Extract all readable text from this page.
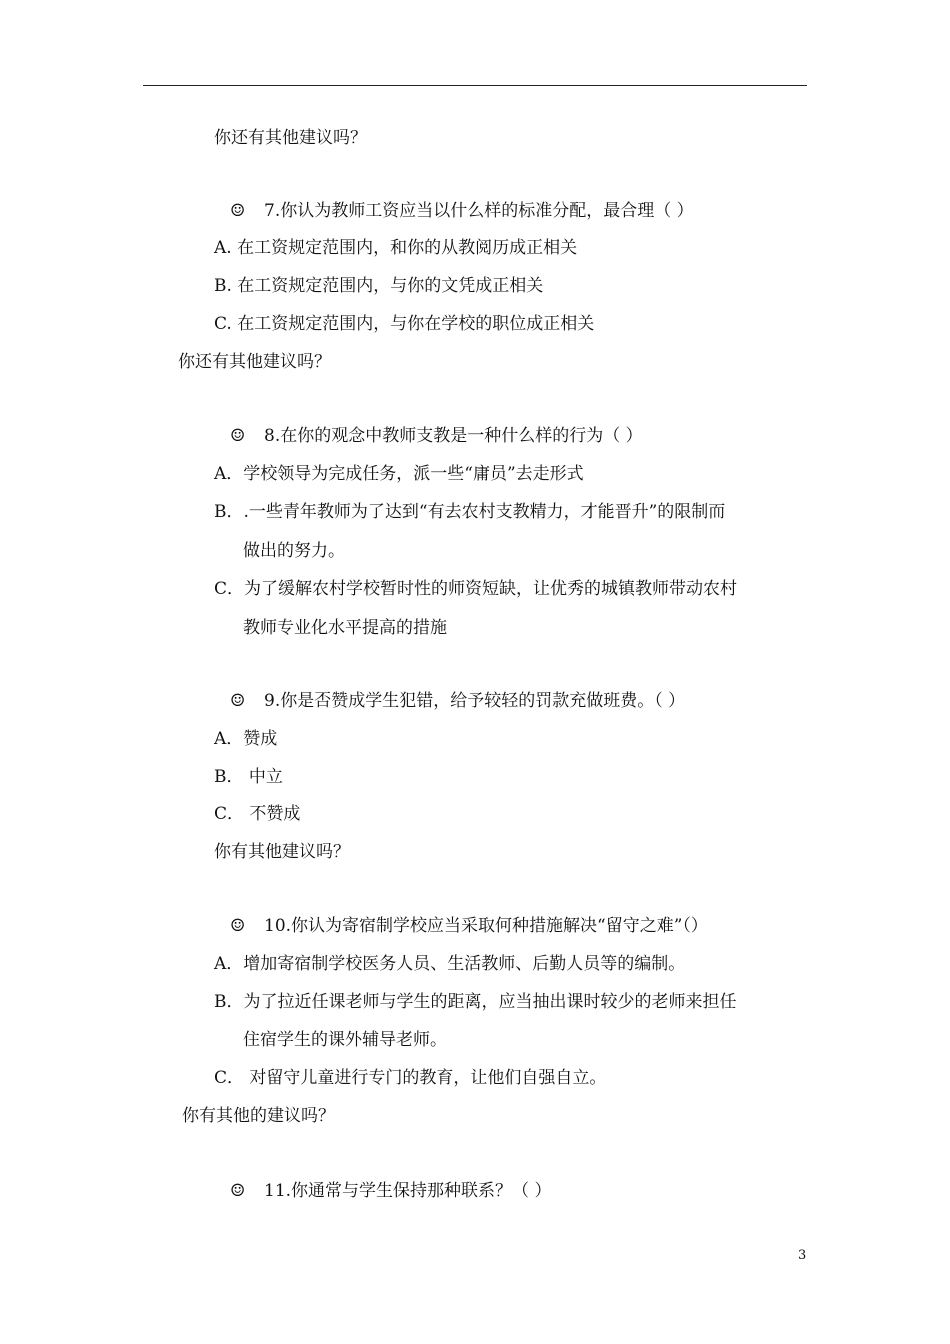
你还有其他建议吗？
☺ 7.你认为教师工资应当以什么样的标准分配，最合理（ ）
A. 在工资规定范围内，和你的从教阅历成正相关
B. 在工资规定范围内，与你的文凭成正相关
C. 在工资规定范围内，与你在学校的职位成正相关
你还有其他建议吗？
☺ 8.在你的观念中教师支教是一种什么样的行为（ ）
A．学校领导为完成任务，派一些“庸员”去走形式
B．.一些青年教师为了达到“有去农村支教精力，才能晋升”的限制而
做出的努力。
C．为了缓解农村学校暂时性的师资短缺，让优秀的城镇教师带动农村
教师专业化水平提高的措施
☺ 9.你是否赞成学生犯错，给予较轻的罚款充做班费。（ ）
A．赞成
B． 中立
C． 不赞成
你有其他建议吗？
☺ 10.你认为寄宿制学校应当采取何种措施解决“留守之难”（）
A．增加寄宿制学校医务人员、生活教师、后勤人员等的编制。
B．为了拉近任课老师与学生的距离，应当抽出课时较少的老师来担任
住宿学生的课外辅导老师。
C． 对留守儿童进行专门的教育，让他们自强自立。
你有其他的建议吗？
☺ 11.你通常与学生保持那种联系？（ ）
3
